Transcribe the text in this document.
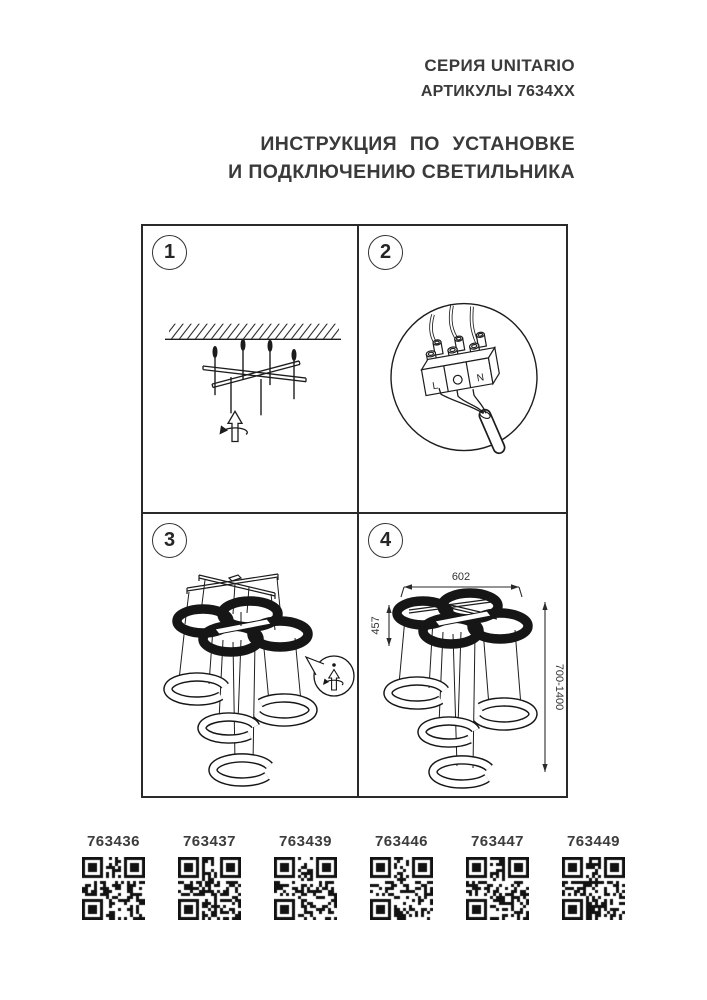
СЕРИЯ UNITARIO
АРТИКУЛЫ 7634XX
ИНСТРУКЦИЯ ПО УСТАНОВКЕ
И ПОДКЛЮЧЕНИЮ СВЕТИЛЬНИКА
1	2
L
N
3	4
602
457
700-1400
763436	763437	763439	763446	763447	763449
